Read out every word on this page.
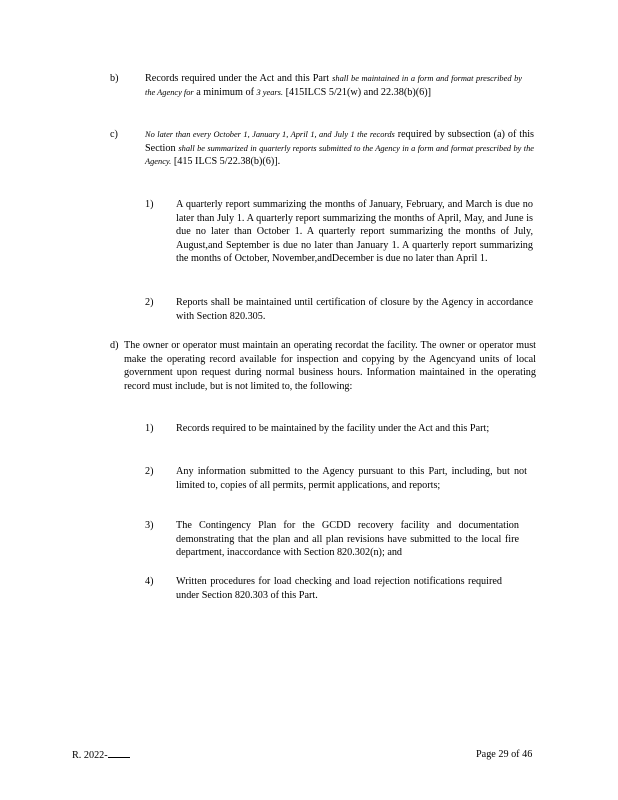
b)	Records required under the Act and this Part shall be maintained in a form and format prescribed by the Agency for a minimum of 3 years. [415ILCS 5/21(w) and 22.38(b)(6)]
c)	No later than every October 1, January 1, April 1, and July 1 the records required by subsection (a) of this Section shall be summarized in quarterly reports submitted to the Agency in a form and format prescribed by the Agency. [415 ILCS 5/22.38(b)(6)].
1) A quarterly report summarizing the months of January, February, and March is due no later than July 1. A quarterly report summarizing the months of April, May, and June is due no later than October 1. A quarterly report summarizing the months of July, August,and September is due no later than January 1. A quarterly report summarizing the months of October, November,andDecember is due no later than April 1.
2) Reports shall be maintained until certification of closure by the Agency in accordance with Section 820.305.
d) The owner or operator must maintain an operating recordat the facility. The owner or operator must make the operating record available for inspection and copying by the Agencyand units of local government upon request during normal business hours. Information maintained in the operating record must include, but is not limited to, the following:
1) Records required to be maintained by the facility under the Act and this Part;
2) Any information submitted to the Agency pursuant to this Part, including, but not limited to, copies of all permits, permit applications, and reports;
3) The Contingency Plan for the GCDD recovery facility and documentation demonstrating that the plan and all plan revisions have submitted to the local fire department, inaccordance with Section 820.302(n); and
4) Written procedures for load checking and load rejection notifications required under Section 820.303 of this Part.
R. 2022-	Page 29 of 46
